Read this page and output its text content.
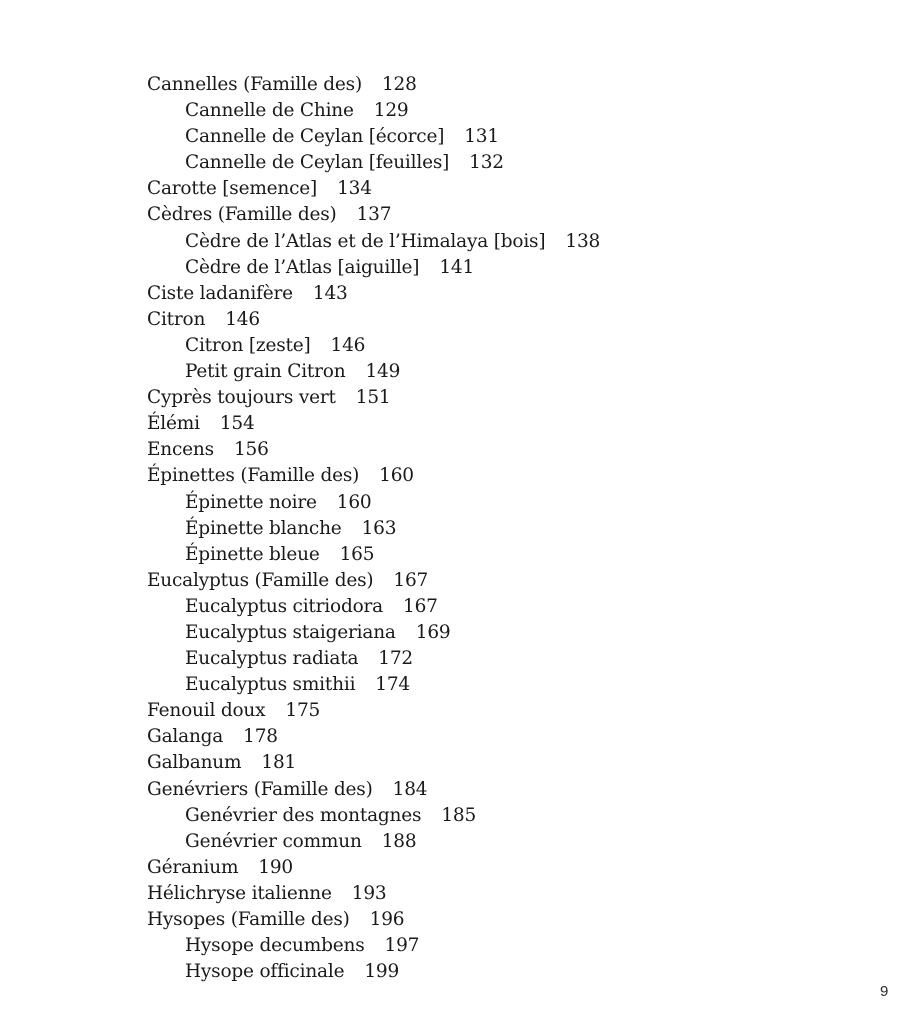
Cannelles (Famille des) 128
Cannelle de Chine 129
Cannelle de Ceylan [écorce] 131
Cannelle de Ceylan [feuilles] 132
Carotte [semence] 134
Cèdres (Famille des) 137
Cèdre de l’Atlas et de l’Himalaya [bois] 138
Cèdre de l’Atlas [aiguille] 141
Ciste ladanifère 143
Citron 146
Citron [zeste] 146
Petit grain Citron 149
Cyprès toujours vert 151
Élémi 154
Encens 156
Épinettes (Famille des) 160
Épinette noire 160
Épinette blanche 163
Épinette bleue 165
Eucalyptus (Famille des) 167
Eucalyptus citriodora 167
Eucalyptus staigeriana 169
Eucalyptus radiata 172
Eucalyptus smithii 174
Fenouil doux 175
Galanga 178
Galbanum 181
Genévriers (Famille des) 184
Genévrier des montagnes 185
Genévrier commun 188
Géranium 190
Hélichryse italienne 193
Hysopes (Famille des) 196
Hysope decumbens 197
Hysope officinale 199
9
